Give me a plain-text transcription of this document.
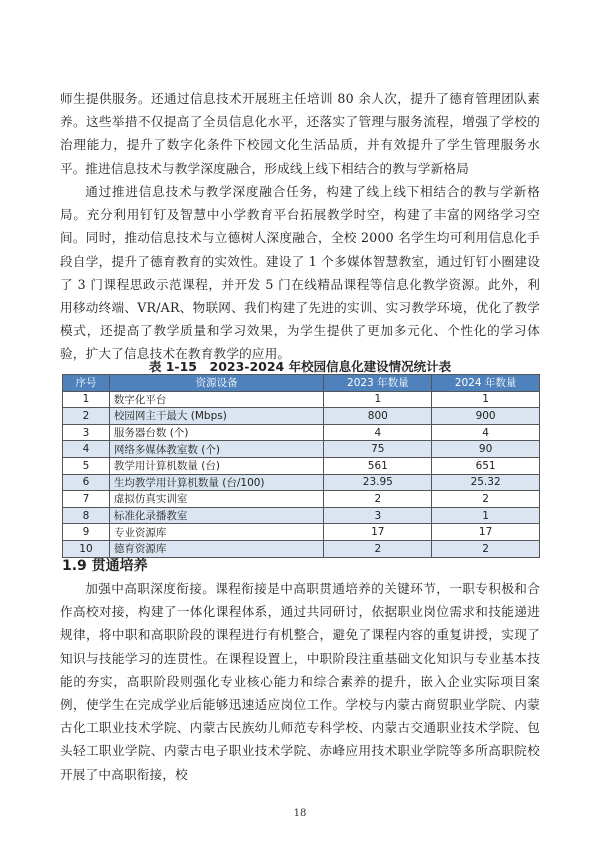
师生提供服务。还通过信息技术开展班主任培训 80 余人次，提升了德育管理团队素养。这些举措不仅提高了全员信息化水平，还落实了管理与服务流程，增强了学校的治理能力，提升了数字化条件下校园文化生活品质，并有效提升了学生管理服务水平。 推进信息技术与教学深度融合，形成线上线下相结合的教与学新格局

通过推进信息技术与教学深度融合任务，构建了线上线下相结合的教与学新格局。充分利用钉钉及智慧中小学教育平台拓展教学时空，构建了丰富的网络学习空间。同时，推动信息技术与立德树人深度融合，全校 2000 名学生均可利用信息化手段自学，提升了德育教育的实效性。建设了 1 个多媒体智慧教室，通过钉钉小圈建设了 3 门课程思政示范课程，并开发 5 门在线精品课程等信息化教学资源。此外，利用移动终端、VR/AR、物联网、我们构建了先进的实训、实习教学环境，优化了教学模式，还提高了教学质量和学习效果，为学生提供了更加多元化、个性化的学习体验，扩大了信息技术在教育教学的应用。

表 1-15　2023-2024 年校园信息化建设情况统计表
序号	资源设备	2023 年数量	2024 年数量
1	数字化平台	1	1
2	校园网主干最大 (Mbps)	800	900
3	服务器台数 (个)	4	4
4	网络多媒体教室数 (个)	75	90
5	教学用计算机数量 (台)	561	651
6	生均教学用计算机数量 (台/100)	23.95	25.32
7	虚拟仿真实训室	2	2
8	标准化录播教室	3	1
9	专业资源库	17	17
10	德育资源库	2	2
1.9 贯通培养

加强中高职深度衔接。课程衔接是中高职贯通培养的关键环节，一职专积极和合作高校对接，构建了一体化课程体系，通过共同研讨，依据职业岗位需求和技能递进规律，将中职和高职阶段的课程进行有机整合，避免了课程内容的重复讲授，实现了知识与技能学习的连贯性。在课程设置上，中职阶段注重基础文化知识与专业基本技能的夯实，高职阶段则强化专业核心能力和综合素养的提升，嵌入企业实际项目案例，使学生在完成学业后能够迅速适应岗位工作。学校与内蒙古商贸职业学院、内蒙古化工职业技术学院、内蒙古民族幼儿师范专科学校、内蒙古交通职业技术学院、包头轻工职业学院、内蒙古电子职业技术学院、赤峰应用技术职业学院等多所高职院校开展了中高职衔接，校

18
